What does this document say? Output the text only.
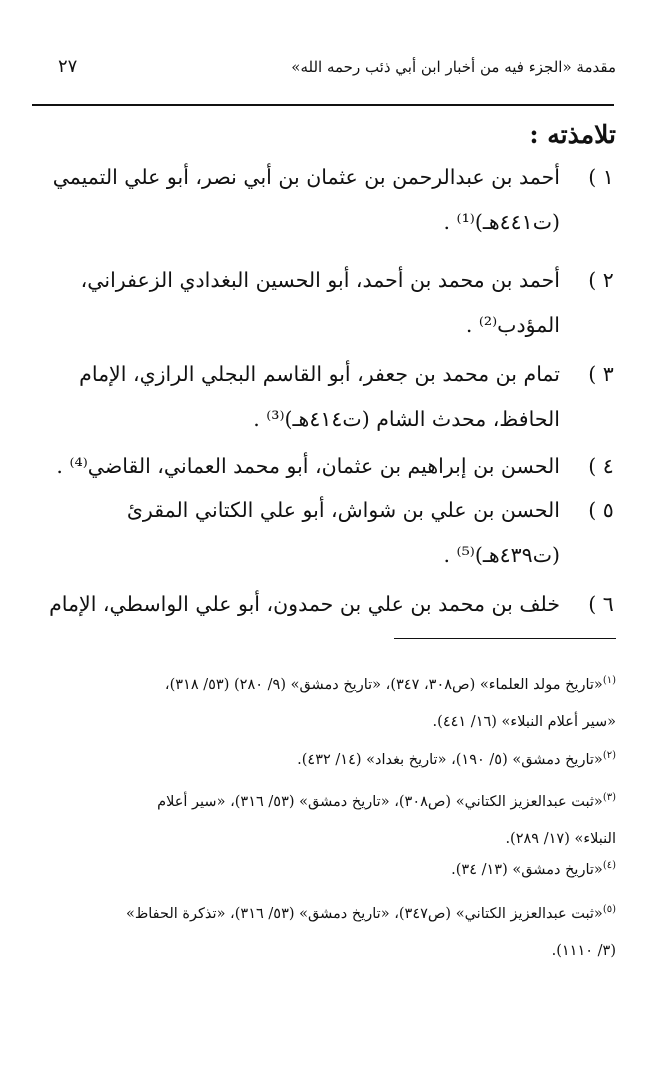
مقدمة «الجزء فيه من أخبار ابن أبي ذئب رحمه الله»
٢٧
تلامذته :
١ )
أحمد بن عبدالرحمن بن عثمان بن أبي نصر، أبو علي التميمي
(ت٤٤١هـ)⁽¹⁾ .
٢ )
أحمد بن محمد بن أحمد، أبو الحسين البغدادي الزعفراني،
المؤدب⁽²⁾ .
٣ )
تمام بن محمد بن جعفر، أبو القاسم البجلي الرازي، الإمام
الحافظ، محدث الشام (ت٤١٤هـ)⁽³⁾ .
٤ )
الحسن بن إبراهيم بن عثمان، أبو محمد العماني، القاضي⁽⁴⁾ .
٥ )
الحسن بن علي بن شواش، أبو علي الكتاني المقرئ
(ت٤٣٩هـ)⁽⁵⁾ .
٦ )
خلف بن محمد بن علي بن حمدون، أبو علي الواسطي، الإمام
$^{(١)}$«تاريخ مولد العلماء» (ص٣٠٨، ٣٤٧)، «تاريخ دمشق» (٩/ ٢٨٠) (٥٣/ ٣١٨)،
«سير أعلام النبلاء» (١٦/ ٤٤١).
$^{(٢)}$«تاريخ دمشق» (٥/ ١٩٠)، «تاريخ بغداد» (١٤/ ٤٣٢).
$^{(٣)}$«ثبت عبدالعزيز الكتاني» (ص٣٠٨)، «تاريخ دمشق» (٥٣/ ٣١٦)، «سير أعلام
النبلاء» (١٧/ ٢٨٩).
$^{(٤)}$«تاريخ دمشق» (١٣/ ٣٤).
$^{(٥)}$«ثبت عبدالعزيز الكتاني» (ص٣٤٧)، «تاريخ دمشق» (٥٣/ ٣١٦)، «تذكرة الحفاظ»
(٣/ ١١١٠).
